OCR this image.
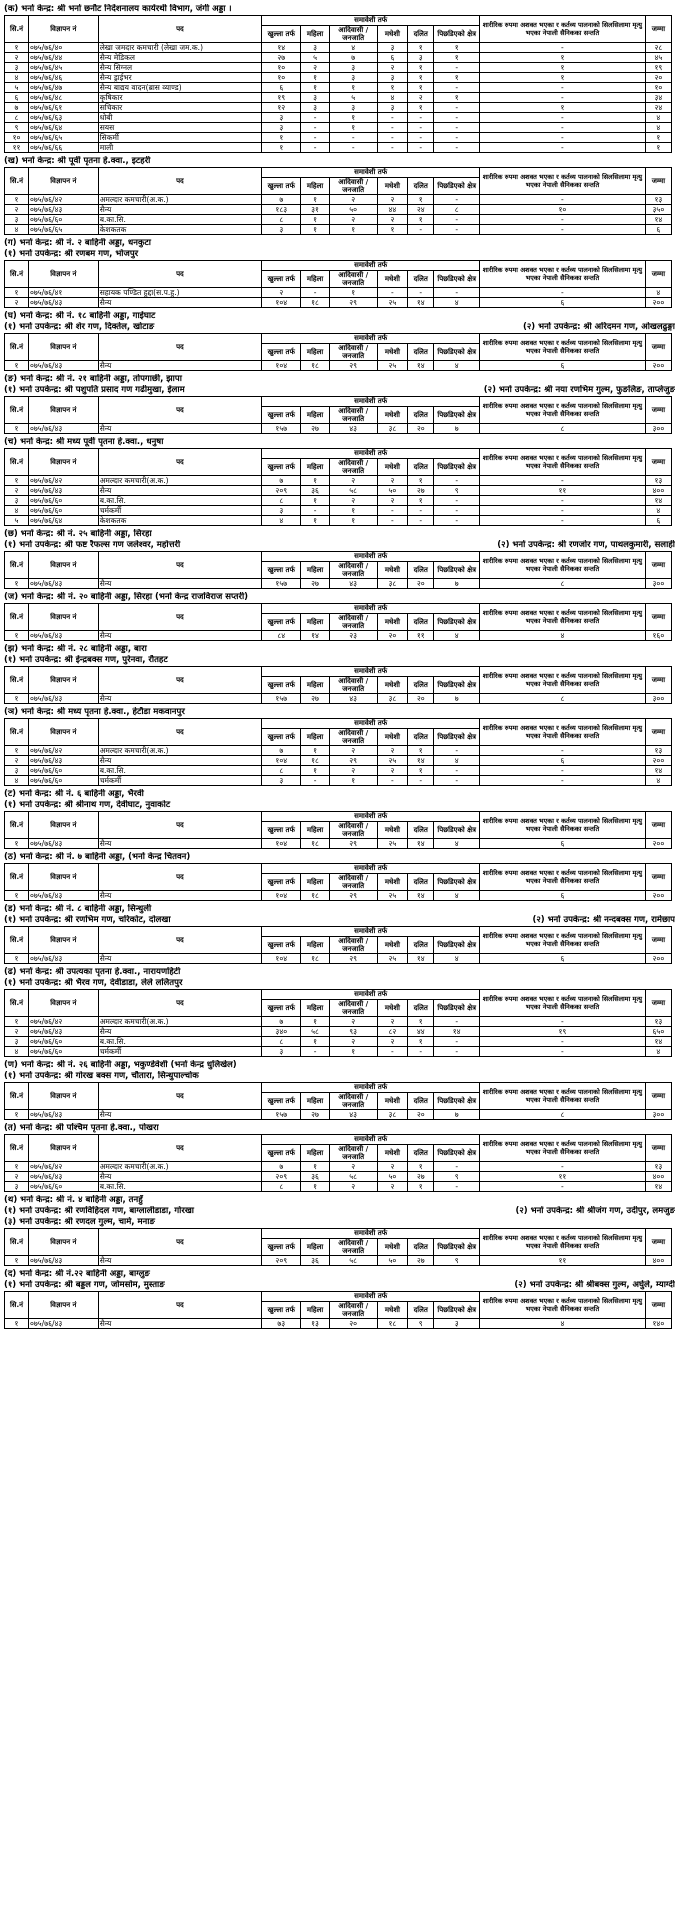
(क) भर्ना केन्द्र: श्री भर्ना छनौट निर्देशनालय कार्यरथी विभाग, जंगी अड्डा ।
सि.नं	विज्ञापन नं	पद	समावेशी तर्फ						शारीरिक रुपमा अशक्त भएका र कर्तव्य पालनाको सिलसिलामा मृत्यु भएका नेपाली सैनिकका सन्तति	जम्मा
			खुल्ला तर्फ	महिला	आदिवासी /जनजाति	मधेशी	दलित	पिछडिएको क्षेत्र		
१	०७५/७६/४०	लेखा जमदार कमचारी (लेखा जम.क.)	१४	३	४	३	१	१	-	२८
२	०७५/७६/४४	सैन्य मेडिकल	२७	५	७	६	३	१	१	४५
३	०७५/७६/४५	सैन्य सिग्नल	१०	२	३	२	१	-	१	१९
४	०७५/७६/४६	सैन्य ड्राईभर	१०	१	३	३	१	१	१	२०
५	०७५/७६/४७	सैन्य बाद्यय वादन(ब्रास व्याण्ड)	६	१	१	१	१	-	-	१०
६	०७५/७६/४८	कृषिकार	१९	३	५	४	२	१	-	३४
७	०७५/७६/६१	सचिकार	१२	३	३	३	१	-	१	२४
८	०७५/७६/६३	धोबी	३	-	१	-	-	-	-	४
९	०७५/७६/६४	सयस	३	-	१	-	-	-	-	४
१०	०७५/७६/६५	सिकर्मी	१	-	-	-	-	-	-	१
११	०७५/७६/६६	माली	१	-	-	-	-	-	-	१
(ख) भर्ना केन्द्र: श्री पूर्वी पृतना हे.क्वा., इटहरी
सि.नं	विज्ञापन नं	पद	समावेशी तर्फ						शारीरिक रुपमा अशक्त भएका र कर्तव्य पालनाको सिलसिलामा मृत्यु भएका नेपाली सैनिकका सन्तति	जम्मा
			खुल्ला तर्फ	महिला	आदिवासी /जनजाति	मधेशी	दलित	पिछडिएको क्षेत्र		
१	०७५/७६/४२	अमल्दार कमचारी(अ.क.)	७	१	२	२	१	-	-	१३
२	०७५/७६/४३	सैन्य	१८३	३१	५०	४४	२४	८	१०	३५०
३	०७५/७६/६०	ब.का.सि.	८	१	२	२	१	-	-	१४
४	०७५/७६/६५	केशकतक	३	१	१	१	-	-	-	६
(ग) भर्ना केन्द्र: श्री नं. २ बाहिनी अड्डा, धनकुटा
(१) भर्ना उपकेन्द्र: श्री रणबम गण, भोजपुर
सि.नं	विज्ञापन नं	पद	समावेशी तर्फ						शारीरिक रुपमा अशक्त भएका र कर्तव्य पालनाको सिलसिलामा मृत्यु भएका नेपाली सैनिकका सन्तति	जम्मा
			खुल्ला तर्फ	महिला	आदिवासी /जनजाति	मधेशी	दलित	पिछडिएको क्षेत्र		
१	०७५/७६/४१	सहायक पण्डित हुद्दा(स.प.हु.)	२	-	१	-	-	-	-	४
२	०७५/७६/४३	सैन्य	१०४	१८	२९	२५	१४	४	६	२००
(घ) भर्ना केन्द्र: श्री नं. १८ बाहिनी अड्डा, गाईघाट
(१) भर्ना उपकेन्द्र: श्री शेर गण, दिक्तेल, खोटाङ	(२) भर्ना उपकेन्द्र: श्री अरिदमन गण, ओखलढुङ्गा
सि.नं	विज्ञापन नं	पद	समावेशी तर्फ						शारीरिक रुपमा अशक्त भएका र कर्तव्य पालनाको सिलसिलामा मृत्यु भएका नेपाली सैनिकका सन्तति	जम्मा
			खुल्ला तर्फ	महिला	आदिवासी /जनजाति	मधेशी	दलित	पिछडिएको क्षेत्र		
१	०७५/७६/४३	सैन्य	१०४	१८	२९	२५	१४	४	६	२००
(ङ) भर्ना केन्द्र: श्री नं. २१ बाहिनी अड्डा, तोपगाछी, झापा
(१) भर्ना उपकेन्द्र: श्री पशुपति प्रसाद गण गढीमुखा, ईलाम	(२) भर्ना उपकेन्द्र: श्री नया रणभिम गुल्म, फुङलिङ, ताप्लेजुङ
सि.नं	विज्ञापन नं	पद	समावेशी तर्फ						शारीरिक रुपमा अशक्त भएका र कर्तव्य पालनाको सिलसिलामा मृत्यु भएका नेपाली सैनिकका सन्तति	जम्मा
			खुल्ला तर्फ	महिला	आदिवासी /जनजाति	मधेशी	दलित	पिछडिएको क्षेत्र		
१	०७५/७६/४३	सैन्य	१५७	२७	४३	३८	२०	७	८	३००
(च) भर्ना केन्द्र: श्री मध्य पूर्वी पृतना हे.क्वा., धनुषा
सि.नं	विज्ञापन नं	पद	समावेशी तर्फ						शारीरिक रुपमा अशक्त भएका र कर्तव्य पालनाको सिलसिलामा मृत्यु भएका नेपाली सैनिकका सन्तति	जम्मा
			खुल्ला तर्फ	महिला	आदिवासी /जनजाति	मधेशी	दलित	पिछडिएको क्षेत्र		
१	०७५/७६/४२	अमल्दार कमचारी(अ.क.)	७	१	२	२	१	-	-	१३
२	०७५/७६/४३	सैन्य	२०९	३६	५८	५०	२७	९	११	४००
३	०७५/७६/६०	ब.का.सि.	८	१	२	२	१	-	-	१४
४	०७५/७६/६०	चर्मकर्मी	३	-	१	-	-	-	-	४
५	०७५/७६/६४	केशकतक	४	१	१	-	-	-	-	६
(छ) भर्ना केन्द्र: श्री नं. २५ बाहिनी अड्डा, सिरहा
(१) भर्ना उपकेन्द्र: श्री फष्ट रैफल्स गण जलेश्वर, महोत्तरी	(२) भर्ना उपकेन्द्र: श्री रणजोर गण, पाथलकुमारी, सलाही
सि.नं	विज्ञापन नं	पद	समावेशी तर्फ						शारीरिक रुपमा अशक्त भएका र कर्तव्य पालनाको सिलसिलामा मृत्यु भएका नेपाली सैनिकका सन्तति	जम्मा
			खुल्ला तर्फ	महिला	आदिवासी /जनजाति	मधेशी	दलित	पिछडिएको क्षेत्र		
१	०७५/७६/४३	सैन्य	१५७	२७	४३	३८	२०	७	८	३००
(ज) भर्ना केन्द्र: श्री नं. २० बाहिनी अड्डा, सिरहा (भर्ना केन्द्र राजविराज सप्तरी)
सि.नं	विज्ञापन नं	पद	समावेशी तर्फ						शारीरिक रुपमा अशक्त भएका र कर्तव्य पालनाको सिलसिलामा मृत्यु भएका नेपाली सैनिकका सन्तति	जम्मा
			खुल्ला तर्फ	महिला	आदिवासी /जनजाति	मधेशी	दलित	पिछडिएको क्षेत्र		
१	०७५/७६/४३	सैन्य	८४	१४	२३	२०	११	४	४	१६०
(झ) भर्ना केन्द्र: श्री नं. २८ बाहिनी अड्डा, बारा
(१) भर्ना उपकेन्द्र: श्री ईन्द्रबक्स गण, पुरेनवा, रौतहट
सि.नं	विज्ञापन नं	पद	समावेशी तर्फ						शारीरिक रुपमा अशक्त भएका र कर्तव्य पालनाको सिलसिलामा मृत्यु भएका नेपाली सैनिकका सन्तति	जम्मा
			खुल्ला तर्फ	महिला	आदिवासी /जनजाति	मधेशी	दलित	पिछडिएको क्षेत्र		
१	०७५/७६/४३	सैन्य	१५७	२७	४३	३८	२०	७	८	३००
(ञ) भर्ना केन्द्र: श्री मध्य पृतना हे.क्वा., हेटौडा मकवानपुर
सि.नं	विज्ञापन नं	पद	समावेशी तर्फ						शारीरिक रुपमा अशक्त भएका र कर्तव्य पालनाको सिलसिलामा मृत्यु भएका नेपाली सैनिकका सन्तति	जम्मा
			खुल्ला तर्फ	महिला	आदिवासी /जनजाति	मधेशी	दलित	पिछडिएको क्षेत्र		
१	०७५/७६/४२	अमल्दार कमचारी(अ.क.)	७	१	२	२	१	-	-	१३
२	०७५/७६/४३	सैन्य	१०४	१८	२९	२५	१४	४	६	२००
३	०७५/७६/६०	ब.का.सि.	८	१	२	२	१	-	-	१४
४	०७५/७६/६०	चर्मकर्मी	३	-	१	-	-	-	-	४
(ट) भर्ना केन्द्र: श्री नं. ६ बाहिनी अड्डा, भैरवी
(१) भर्ना उपकेन्द्र: श्री श्रीनाथ गण, देवीघाट, नुवाकोट
सि.नं	विज्ञापन नं	पद	समावेशी तर्फ						शारीरिक रुपमा अशक्त भएका र कर्तव्य पालनाको सिलसिलामा मृत्यु भएका नेपाली सैनिकका सन्तति	जम्मा
			खुल्ला तर्फ	महिला	आदिवासी /जनजाति	मधेशी	दलित	पिछडिएको क्षेत्र		
१	०७५/७६/४३	सैन्य	१०४	१८	२९	२५	१४	४	६	२००
(ठ) भर्ना केन्द्र: श्री नं. ७ बाहिनी अड्डा, (भर्ना केन्द्र चितवन)
सि.नं	विज्ञापन नं	पद	समावेशी तर्फ						शारीरिक रुपमा अशक्त भएका र कर्तव्य पालनाको सिलसिलामा मृत्यु भएका नेपाली सैनिकका सन्तति	जम्मा
			खुल्ला तर्फ	महिला	आदिवासी /जनजाति	मधेशी	दलित	पिछडिएको क्षेत्र		
१	०७५/७६/४३	सैन्य	१०४	१८	२९	२५	१४	४	६	२००
(ड) भर्ना केन्द्र: श्री नं. ८ बाहिनी अड्डा, सिन्धुली
(१) भर्ना उपकेन्द्र: श्री रणभिम गण, चरिकोट, दोलखा	(२) भर्ना उपकेन्द्र: श्री नन्दबक्स गण, रामेछाप
सि.नं	विज्ञापन नं	पद	समावेशी तर्फ						शारीरिक रुपमा अशक्त भएका र कर्तव्य पालनाको सिलसिलामा मृत्यु भएका नेपाली सैनिकका सन्तति	जम्मा
			खुल्ला तर्फ	महिला	आदिवासी /जनजाति	मधेशी	दलित	पिछडिएको क्षेत्र		
१	०७५/७६/४३	सैन्य	१०४	१८	२९	२५	१४	४	६	२००
(ढ) भर्ना केन्द्र: श्री उपत्यका पृतना हे.क्वा., नारायणहिटी
(१) भर्ना उपकेन्द्र: श्री भैरव गण, देवीडाडा, लेले ललितपुर
सि.नं	विज्ञापन नं	पद	समावेशी तर्फ						शारीरिक रुपमा अशक्त भएका र कर्तव्य पालनाको सिलसिलामा मृत्यु भएका नेपाली सैनिकका सन्तति	जम्मा
			खुल्ला तर्फ	महिला	आदिवासी /जनजाति	मधेशी	दलित	पिछडिएको क्षेत्र		
१	०७५/७६/४२	अमल्दार कमचारी(अ.क.)	७	१	२	२	१	-	-	१३
२	०७५/७६/४३	सैन्य	३४०	५८	९३	८२	४४	१४	१९	६५०
३	०७५/७६/६०	ब.का.सि.	८	१	२	२	१	-	-	१४
४	०७५/७६/६०	चर्मकर्मी	३	-	१	-	-	-	-	४
(ण) भर्ना केन्द्र: श्री नं. २६ बाहिनी अड्डा, भकुण्डेवेशी (भर्ना केन्द्र धुलिखेल)
(१) भर्ना उपकेन्द्र: श्री गोरख बक्स गण, चौतारा, सिन्धुपाल्चोक
सि.नं	विज्ञापन नं	पद	समावेशी तर्फ						शारीरिक रुपमा अशक्त भएका र कर्तव्य पालनाको सिलसिलामा मृत्यु भएका नेपाली सैनिकका सन्तति	जम्मा
			खुल्ला तर्फ	महिला	आदिवासी /जनजाति	मधेशी	दलित	पिछडिएको क्षेत्र		
१	०७५/७६/४३	सैन्य	१५७	२७	४३	३८	२०	७	८	३००
(त) भर्ना केन्द्र: श्री पश्चिम पृतना हे.क्वा., पोखरा
सि.नं	विज्ञापन नं	पद	समावेशी तर्फ						शारीरिक रुपमा अशक्त भएका र कर्तव्य पालनाको सिलसिलामा मृत्यु भएका नेपाली सैनिकका सन्तति	जम्मा
			खुल्ला तर्फ	महिला	आदिवासी /जनजाति	मधेशी	दलित	पिछडिएको क्षेत्र		
१	०७५/७६/४२	अमल्दार कमचारी(अ.क.)	७	१	२	२	१	-	-	१३
२	०७५/७६/४३	सैन्य	२०९	३६	५८	५०	२७	९	११	४००
३	०७५/७६/६०	ब.का.सि.	८	१	२	२	१	-	-	१४
(थ) भर्ना केन्द्र: श्री नं. ४ बाहिनी अड्डा, तनहुँ
(१) भर्ना उपकेन्द्र: श्री रणविहिदल गण, बाग्लालीडाडा, गोरखा	(२) भर्ना उपकेन्द्र: श्री श्रीजंग गण, उदीपुर, लमजुङ
(३) भर्ना उपकेन्द्र: श्री रणदल गुल्म, चामे, मनाङ
सि.नं	विज्ञापन नं	पद	समावेशी तर्फ						शारीरिक रुपमा अशक्त भएका र कर्तव्य पालनाको सिलसिलामा मृत्यु भएका नेपाली सैनिकका सन्तति	जम्मा
			खुल्ला तर्फ	महिला	आदिवासी /जनजाति	मधेशी	दलित	पिछडिएको क्षेत्र		
१	०७५/७६/४३	सैन्य	२०९	३६	५८	५०	२७	९	११	४००
(द) भर्ना केन्द्र: श्री नं.२२ बाहिनी अड्डा, बाग्लुङ
(१) भर्ना उपकेन्द्र: श्री बड्डल गण, जोमसोम, मुस्ताङ	(२) भर्ना उपकेन्द्र: श्री श्रीबक्स गुल्म, अर्घुले, म्याग्दी
सि.नं	विज्ञापन नं	पद	समावेशी तर्फ						शारीरिक रुपमा अशक्त भएका र कर्तव्य पालनाको सिलसिलामा मृत्यु भएका नेपाली सैनिकका सन्तति	जम्मा
			खुल्ला तर्फ	महिला	आदिवासी /जनजाति	मधेशी	दलित	पिछडिएको क्षेत्र		
१	०७५/७६/४३	सैन्य	७३	१३	२०	१८	९	३	४	१४०
